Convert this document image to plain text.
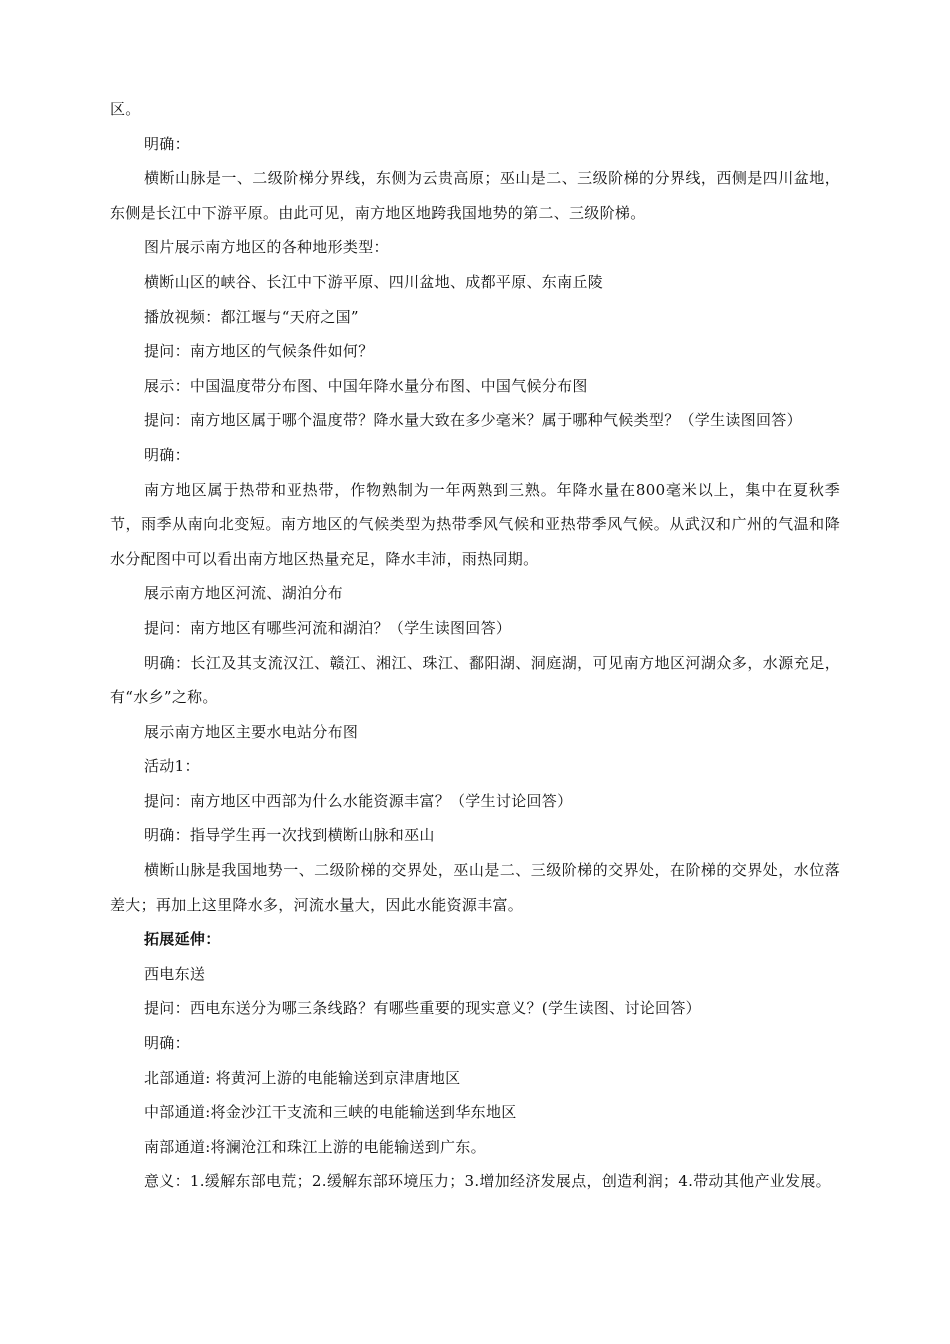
区。

明确：

横断山脉是一、二级阶梯分界线，东侧为云贵高原；巫山是二、三级阶梯的分界线，西侧是四川盆地，东侧是长江中下游平原。由此可见，南方地区地跨我国地势的第二、三级阶梯。

图片展示南方地区的各种地形类型：

横断山区的峡谷、长江中下游平原、四川盆地、成都平原、东南丘陵

播放视频：都江堰与“天府之国”

提问：南方地区的气候条件如何？

展示：中国温度带分布图、中国年降水量分布图、中国气候分布图

提问：南方地区属于哪个温度带？降水量大致在多少毫米？属于哪种气候类型？（学生读图回答）

明确：

南方地区属于热带和亚热带，作物熟制为一年两熟到三熟。年降水量在800毫米以上，集中在夏秋季节，雨季从南向北变短。南方地区的气候类型为热带季风气候和亚热带季风气候。从武汉和广州的气温和降水分配图中可以看出南方地区热量充足，降水丰沛，雨热同期。

展示南方地区河流、湖泊分布

提问：南方地区有哪些河流和湖泊？（学生读图回答）

明确：长江及其支流汉江、赣江、湘江、珠江、鄱阳湖、洞庭湖，可见南方地区河湖众多，水源充足，有“水乡”之称。

展示南方地区主要水电站分布图

活动1：

提问：南方地区中西部为什么水能资源丰富？（学生讨论回答）

明确：指导学生再一次找到横断山脉和巫山

横断山脉是我国地势一、二级阶梯的交界处，巫山是二、三级阶梯的交界处，在阶梯的交界处，水位落差大；再加上这里降水多，河流水量大，因此水能资源丰富。

拓展延伸：

西电东送

提问：西电东送分为哪三条线路？有哪些重要的现实意义？(学生读图、讨论回答）

明确：

北部通道: 将黄河上游的电能输送到京津唐地区

中部通道:将金沙江干支流和三峡的电能输送到华东地区

南部通道:将澜沧江和珠江上游的电能输送到广东。

意义：1.缓解东部电荒；2.缓解东部环境压力；3.增加经济发展点，创造利润；4.带动其他产业发展。
